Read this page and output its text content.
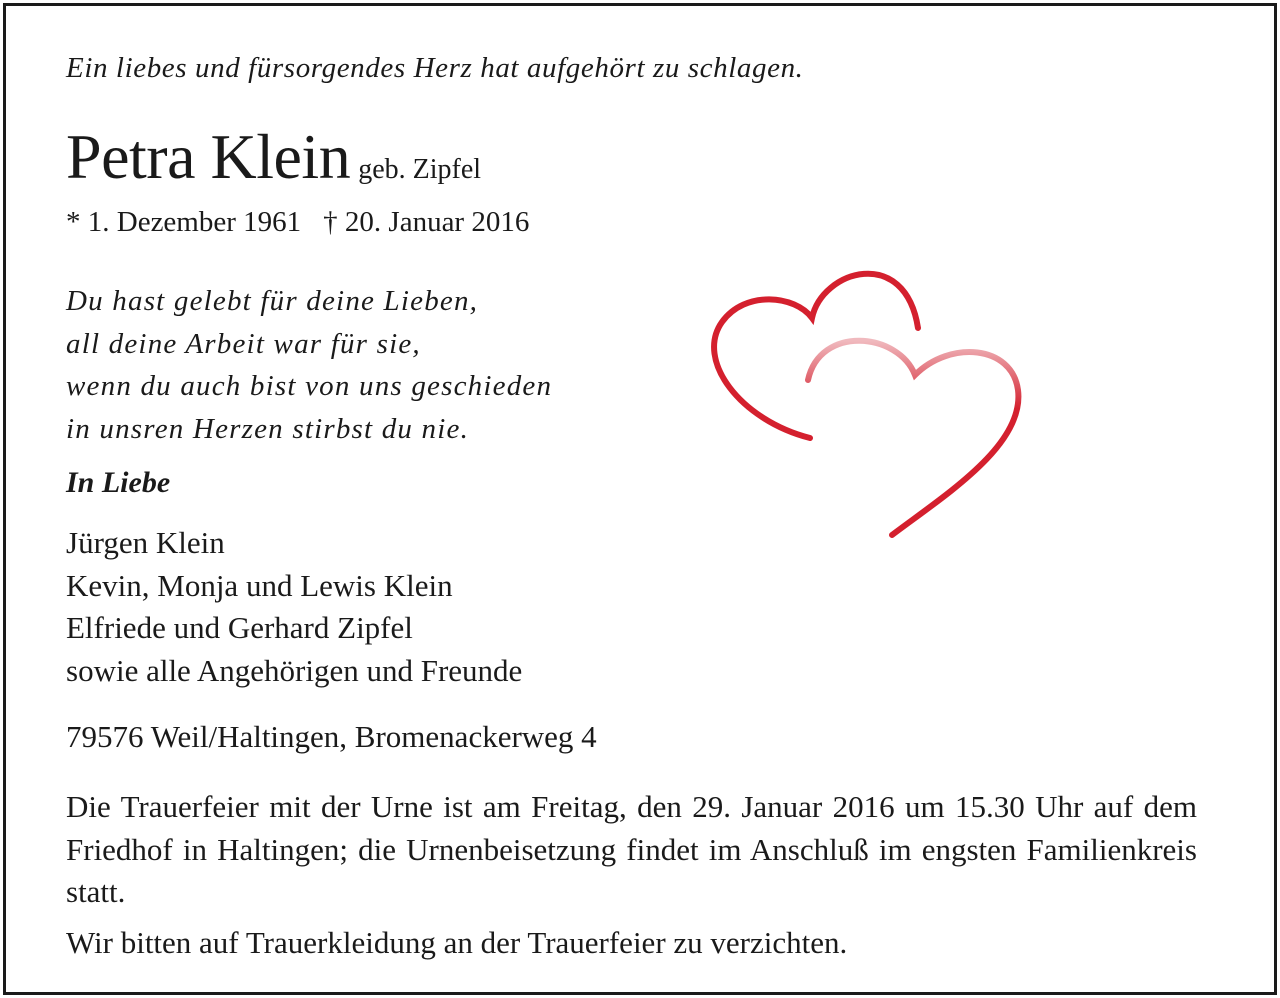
Ein liebes und fürsorgendes Herz hat aufgehört zu schlagen.
Petra Klein geb. Zipfel
* 1. Dezember 1961 † 20. Januar 2016
Du hast gelebt für deine Lieben,
all deine Arbeit war für sie,
wenn du auch bist von uns geschieden
in unsren Herzen stirbst du nie.
In Liebe
Jürgen Klein
Kevin, Monja und Lewis Klein
Elfriede und Gerhard Zipfel
sowie alle Angehörigen und Freunde
79576 Weil/Haltingen, Bromenackerweg 4
Die Trauerfeier mit der Urne ist am Freitag, den 29. Januar 2016 um 15.30 Uhr auf dem Friedhof in Haltingen; die Urnenbeisetzung findet im Anschluß im engsten Familienkreis statt.
Wir bitten auf Trauerkleidung an der Trauerfeier zu verzichten.
